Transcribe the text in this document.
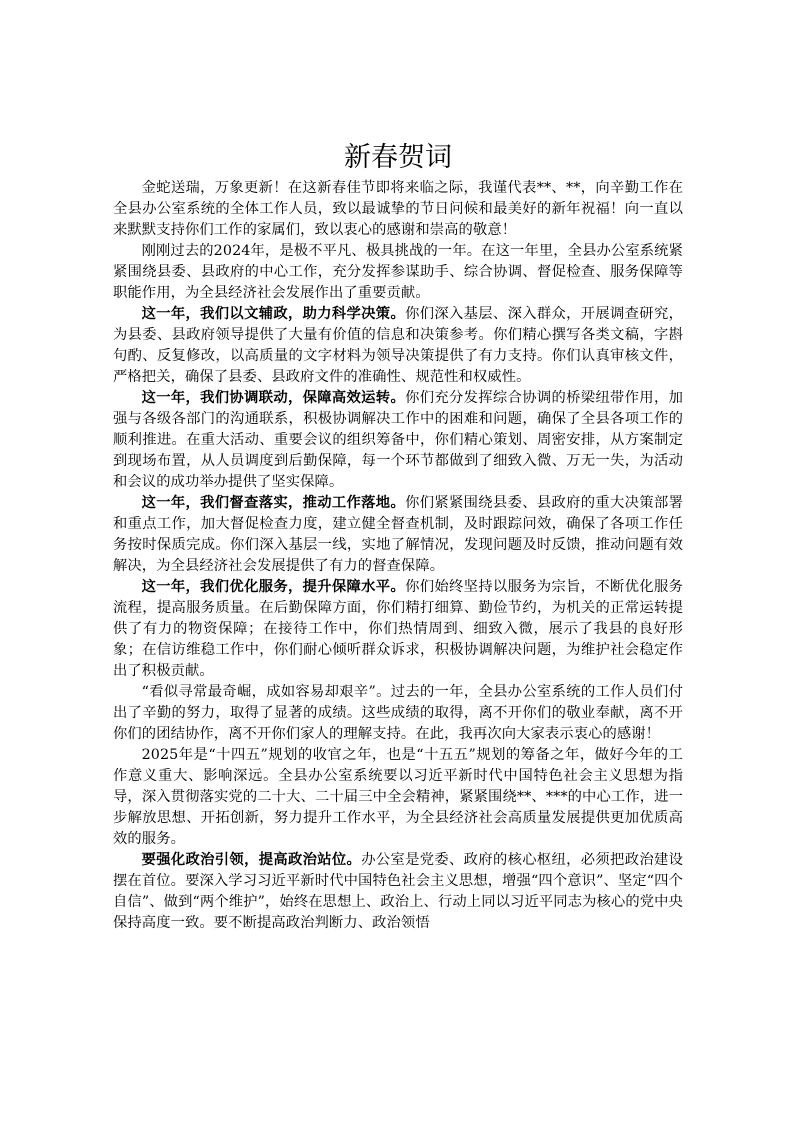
新春贺词

金蛇送瑞，万象更新！在这新春佳节即将来临之际，我谨代表**、**，向辛勤工作在全县办公室系统的全体工作人员，致以最诚挚的节日问候和最美好的新年祝福！向一直以来默默支持你们工作的家属们，致以衷心的感谢和崇高的敬意！

刚刚过去的2024年，是极不平凡、极具挑战的一年。在这一年里，全县办公室系统紧紧围绕县委、县政府的中心工作，充分发挥参谋助手、综合协调、督促检查、服务保障等职能作用，为全县经济社会发展作出了重要贡献。

这一年，我们以文辅政，助力科学决策。你们深入基层、深入群众，开展调查研究，为县委、县政府领导提供了大量有价值的信息和决策参考。你们精心撰写各类文稿，字斟句酌、反复修改，以高质量的文字材料为领导决策提供了有力支持。你们认真审核文件，严格把关，确保了县委、县政府文件的准确性、规范性和权威性。

这一年，我们协调联动，保障高效运转。你们充分发挥综合协调的桥梁纽带作用，加强与各级各部门的沟通联系，积极协调解决工作中的困难和问题，确保了全县各项工作的顺利推进。在重大活动、重要会议的组织筹备中，你们精心策划、周密安排，从方案制定到现场布置，从人员调度到后勤保障，每一个环节都做到了细致入微、万无一失，为活动和会议的成功举办提供了坚实保障。

这一年，我们督查落实，推动工作落地。你们紧紧围绕县委、县政府的重大决策部署和重点工作，加大督促检查力度，建立健全督查机制，及时跟踪问效，确保了各项工作任务按时保质完成。你们深入基层一线，实地了解情况，发现问题及时反馈，推动问题有效解决，为全县经济社会发展提供了有力的督查保障。

这一年，我们优化服务，提升保障水平。你们始终坚持以服务为宗旨，不断优化服务流程，提高服务质量。在后勤保障方面，你们精打细算、勤俭节约，为机关的正常运转提供了有力的物资保障；在接待工作中，你们热情周到、细致入微，展示了我县的良好形象；在信访维稳工作中，你们耐心倾听群众诉求，积极协调解决问题，为维护社会稳定作出了积极贡献。

“看似寻常最奇崛，成如容易却艰辛”。过去的一年，全县办公室系统的工作人员们付出了辛勤的努力，取得了显著的成绩。这些成绩的取得，离不开你们的敬业奉献，离不开你们的团结协作，离不开你们家人的理解支持。在此，我再次向大家表示衷心的感谢！

2025年是“十四五”规划的收官之年，也是“十五五”规划的筹备之年，做好今年的工作意义重大、影响深远。全县办公室系统要以习近平新时代中国特色社会主义思想为指导，深入贯彻落实党的二十大、二十届三中全会精神，紧紧围绕**、***的中心工作，进一步解放思想、开拓创新，努力提升工作水平，为全县经济社会高质量发展提供更加优质高效的服务。

要强化政治引领，提高政治站位。办公室是党委、政府的核心枢纽，必须把政治建设摆在首位。要深入学习习近平新时代中国特色社会主义思想，增强“四个意识”、坚定“四个自信”、做到“两个维护”，始终在思想上、政治上、行动上同以习近平同志为核心的党中央保持高度一致。要不断提高政治判断力、政治领悟
